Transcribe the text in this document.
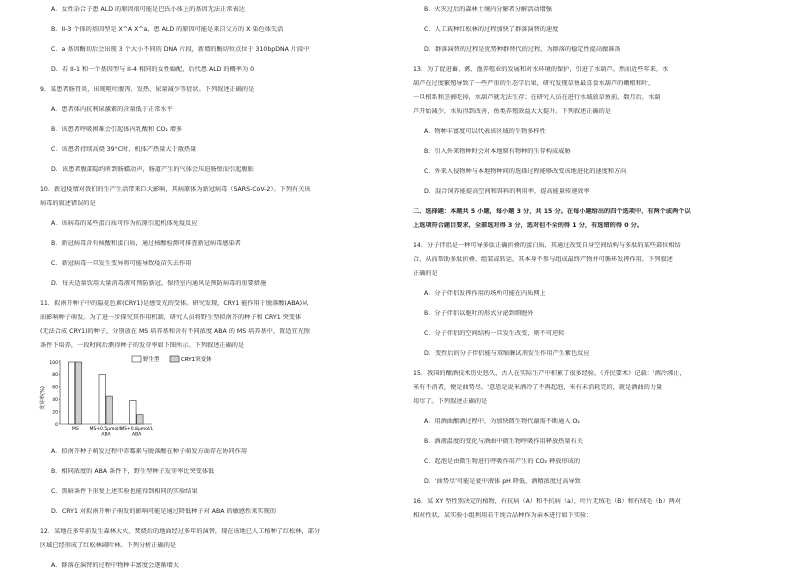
A．女性杂合子患 ALD 的原因很可能是巴氏小体上的基因无法正常表达
B．II-3 个体的基因型是 X^A X^a，患 ALD 的原因可能是来自父方的 X 染色体失活
C．a 基因酶切后会出现 3 个大小不同的 DNA 片段，新增的酶切位点位于 310bpDNA 片段中
D．若 II-1 和一个基因型与 II-4 相同的女性婚配，后代患 ALD 的概率为 0
9．某患者肠胃炎，出现呕吐腹泻、发热、尿量减少等症状。下列叙述正确的是
A．患者体内抗利尿激素的含量低于正常水平
B．该患者呼吸困难会引起体内乳酸和 CO₂ 增多
C．该患者持续高烧 39°C时，机体产热量大于散热量
D．该患者腹部隐约听到肠蠕动声，肠道产生的气体会压迫肠壁而引起腹胀
10．新冠疫情对我们的生产生活带来巨大影响，其病原体为新冠病毒（SARS-CoV-2）。下列有关该
病毒的叙述错误的是
A．该病毒的某些蛋白质可作为抗原引起机体免疫反应
B．新冠病毒含有核酸和蛋白质，通过核酸检测可排查新冠病毒感染者
C．新冠病毒一旦发生变异将可能导致疫苗失去作用
D．每天适量饮用大量消毒液可预防新冠，保持室内通风是预防病毒的重要措施
11．拟南芥种子中的隐花色素(CRY1)是感受光的受体。研究发现，CRY1 能作用于脱落酸(ABA)从
而影响种子萌发。为了进一步探究其作用机制，研究人员将野生型拟南芥的种子和 CRY1 突变体
(无法合成 CRY1)的种子，分别放在 MS 培养基和含有不同浓度 ABA 的 MS 培养基中，置适宜光照
条件下培养，一段时间后测得种子的发芽率如下图所示。下列叙述正确的是
发芽率(%)
100
80
60
40
20
0
MS MS+0.5μmol/L
ABA
MS+0.8μmol/L
ABA
野生型	CRY1突变体
A．拟南芥种子萌发过程中赤霉素与脱落酸在种子萌发方面存在协同作用
B．相同浓度的 ABA 条件下，野生型种子发芽率比突变体低
C．黑暗条件下重复上述实验也能得到相同的实验结果
D．CRY1 对拟南芥种子萌发的影响可能是通过降低种子对 ABA 的敏感性来实现的
12．某地在多年前发生森林大火，焚烧后的地面经过多年的演替，现在该地已人工植种了红松林，部分
区域已经形成了红松林阔叶林。下列分析正确的是
A．群落在演替的过程中物种丰富度会逐渐增大
B．火灾过后的森林土壤内分解者分解活动增强
C．人工栽种红松林的过程加快了群落演替的速度
D．群落演替的过程是优势种群替代的过程，为群落的稳定性提高做准备
13．为了促进畜、禽、渔养殖业的发展和对水环境的保护，引进了水葫芦。然而近些年来，水
葫芦在过度繁殖导致了一些严重的生态学后果，研究发现草鱼最喜食水葫芦的嫩根和叶，
一旦根系和茎被吃掉，水葫芦就无法生存；在研究人员在进行水域放草鱼前，数月后，水葫
芦开始减少，水质得到改善，鱼类养殖效益大大提升。下列叙述正确的是
A．物种丰富度可以代表该区域的生物多样性
B．引入外来物种时会对本地原有物种的生存构成威胁
C．外来入侵物种与本地物种间的选择过程能够改变该地进化的速度和方向
D．混合饲养能提高空间和饵料的利用率，提高能量传递效率
二、选择题：本题共 5 小题，每小题 3 分，共 15 分。在每小题给出的四个选项中，有两个或两个以
上选项符合题目要求，全部选对得 3 分，选对但不全的得 1 分，有选错的得 0 分。
14．分子伴侣是一种可导多肽正确折叠的蛋白质，其通过改变自身空间结构与多肽的某些部位相结
合，从而帮助多肽折叠、组装或转运，其本身不参与组成最终产物并可循环发挥作用。下列叙述
正确的是
A．分子伴侣发挥作用的场所可能在内质网上
B．分子伴侣以胞吐的形式分泌到细胞外
C．分子伴侣的空间结构一旦发生改变，则不可逆转
D．变性后的分子伴侣能与双缩脲试剂发生作用产生紫色反应
15．我国的酿酒技术历史悠久，古人在实际生产中积累了很多经验。《齐民要术》记载：'酒冷沸止，
米有不消者，便是曲势尽。'意思是说米酒冷了不再起泡，米有未消耗完的，就是酒曲的力量
用尽了。下列叙述正确的是
A．用酒曲酿酒过程中，为加快微生物代谢需不断通入 O₂
B．酒液温度的变化与酒曲中微生物呼吸作用释放热量有关
C．起泡是由微生物进行呼吸作用产生的 CO₂ 释放形成的
D．'曲势尽'可能是瓮中液体 pH 降低、酒精浓度过高导致
16．某 XY 型性别决定的植物，有抗病（A）和不抗病（a），叶片无绒毛（B）和有绒毛（b）两对
相对性状，某实验小组利用若干纯合品种作为亲本进行如下实验：
